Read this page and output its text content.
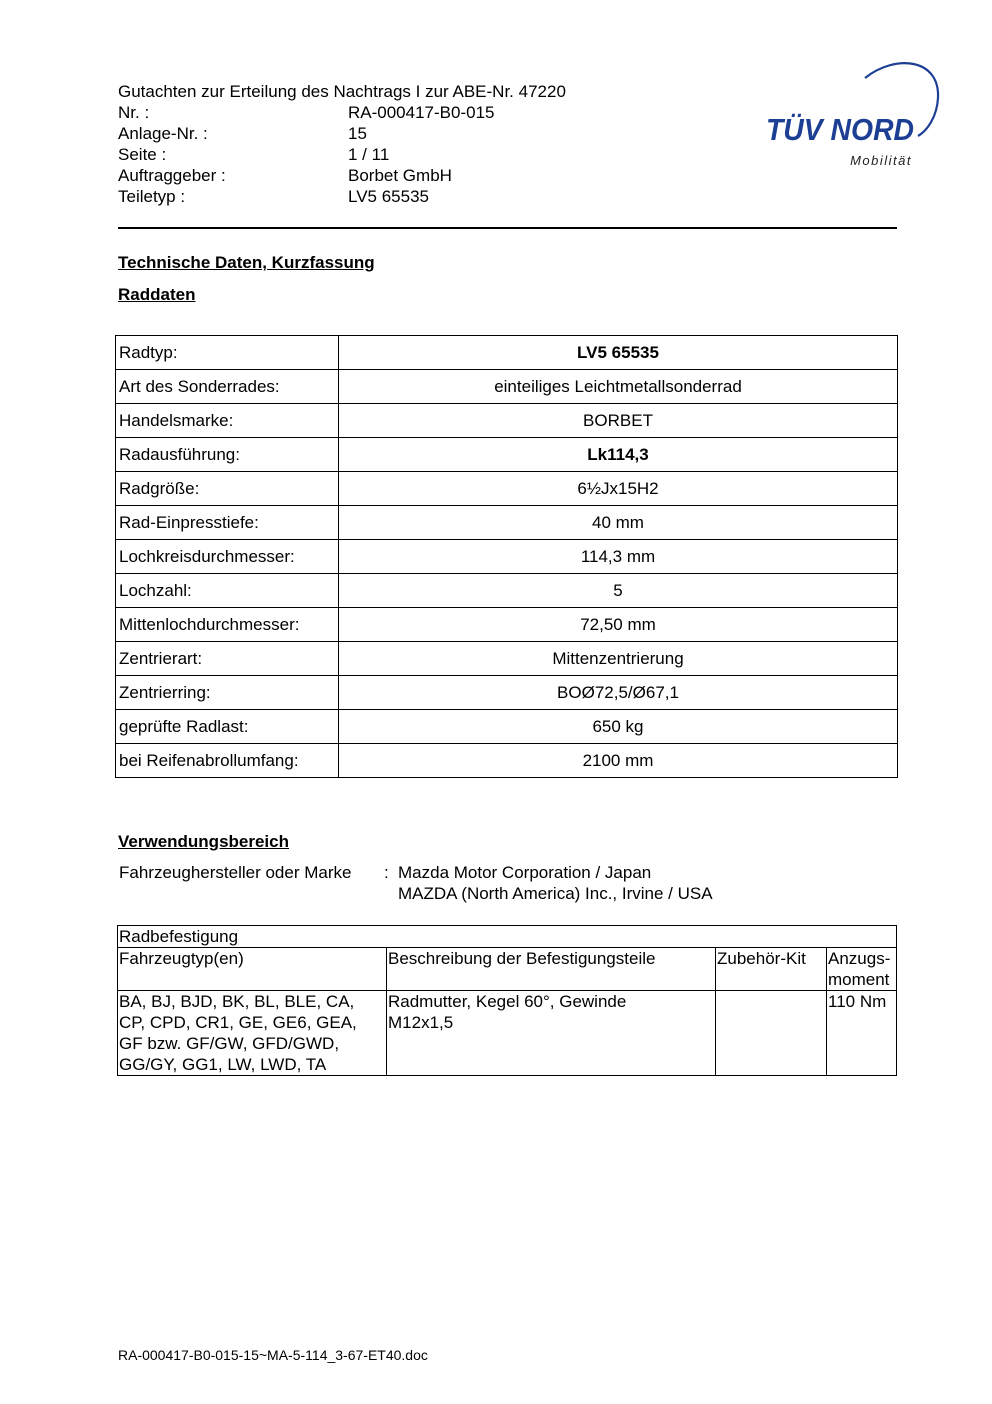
Gutachten zur Erteilung des Nachtrags I zur ABE-Nr. 47220
Nr. :	RA-000417-B0-015
Anlage-Nr. :	15
Seite :	1 / 11
Auftraggeber :	Borbet GmbH
Teiletyp :	LV5 65535
TÜV NORD
Mobilität
Technische Daten, Kurzfassung
Raddaten
Radtyp:	LV5 65535
Art des Sonderrades:	einteiliges Leichtmetallsonderrad
Handelsmarke:	BORBET
Radausführung:	Lk114,3
Radgröße:	6½Jx15H2
Rad-Einpresstiefe:	40 mm
Lochkreisdurchmesser:	114,3 mm
Lochzahl:	5
Mittenlochdurchmesser:	72,50 mm
Zentrierart:	Mittenzentrierung
Zentrierring:	BOØ72,5/Ø67,1
geprüfte Radlast:	650 kg
bei Reifenabrollumfang:	2100 mm
Verwendungsbereich
Fahrzeughersteller oder Marke : Mazda Motor Corporation / Japan
MAZDA (North America) Inc., Irvine / USA
Radbefestigung			
Fahrzeugtyp(en)	Beschreibung der Befestigungsteile	Zubehör-Kit	Anzugs-
moment

BA, BJ, BJD, BK, BL, BLE, CA,
CP, CPD, CR1, GE, GE6, GEA,
GF bzw. GF/GW, GFD/GWD,
GG/GY, GG1, LW, LWD, TA	Radmutter, Kegel 60°, Gewinde
M12x1,5		110 Nm
RA-000417-B0-015-15~MA-5-114_3-67-ET40.doc
